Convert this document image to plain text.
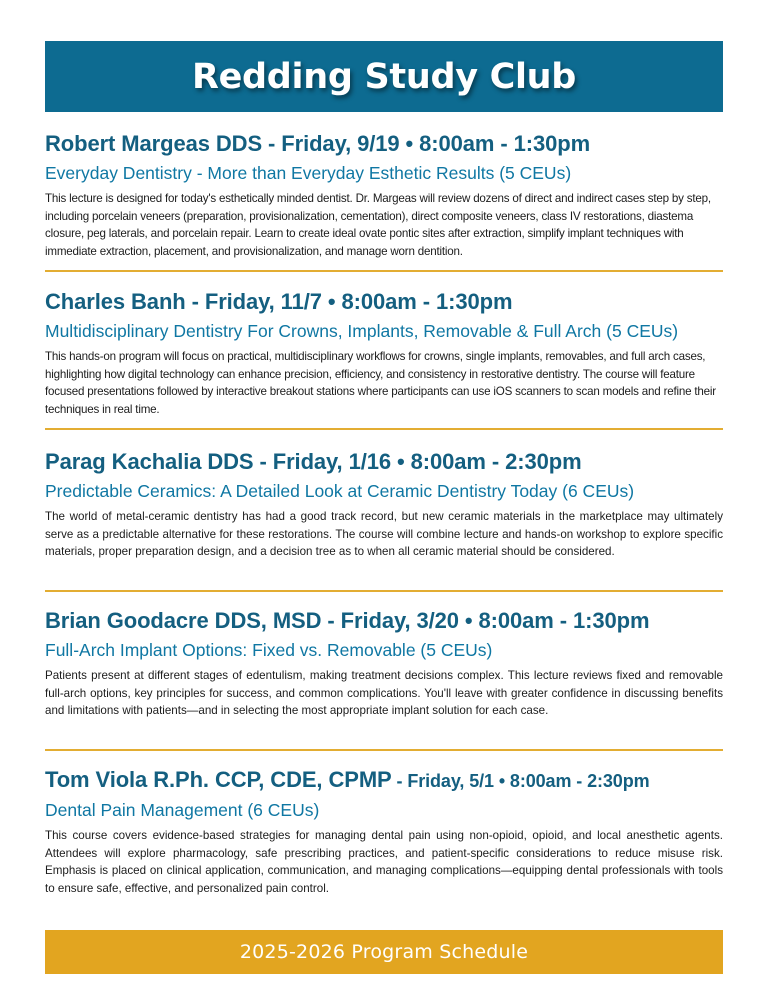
Redding Study Club

Robert Margeas DDS - Friday, 9/19 • 8:00am - 1:30pm

Everyday Dentistry - More than Everyday Esthetic Results (5 CEUs)

This lecture is designed for today's esthetically minded dentist. Dr. Margeas will review dozens of direct and indirect cases step by step, including porcelain veneers (preparation, provisionalization, cementation), direct composite veneers, class IV restorations, diastema closure, peg laterals, and porcelain repair. Learn to create ideal ovate pontic sites after extraction, simplify implant techniques with immediate extraction, placement, and provisionalization, and manage worn dentition.

Charles Banh - Friday, 11/7 • 8:00am - 1:30pm

Multidisciplinary Dentistry For Crowns, Implants, Removable & Full Arch (5 CEUs)

This hands-on program will focus on practical, multidisciplinary workflows for crowns, single implants, removables, and full arch cases, highlighting how digital technology can enhance precision, efficiency, and consistency in restorative dentistry. The course will feature focused presentations followed by interactive breakout stations where participants can use iOS scanners to scan models and refine their techniques in real time.

Parag Kachalia DDS - Friday, 1/16 • 8:00am - 2:30pm

Predictable Ceramics: A Detailed Look at Ceramic Dentistry Today (6 CEUs)

The world of metal-ceramic dentistry has had a good track record, but new ceramic materials in the marketplace may ultimately serve as a predictable alternative for these restorations. The course will combine lecture and hands-on workshop to explore specific materials, proper preparation design, and a decision tree as to when all ceramic material should be considered.

Brian Goodacre DDS, MSD - Friday, 3/20 • 8:00am - 1:30pm

Full-Arch Implant Options: Fixed vs. Removable (5 CEUs)

Patients present at different stages of edentulism, making treatment decisions complex. This lecture reviews fixed and removable full-arch options, key principles for success, and common complications. You'll leave with greater confidence in discussing benefits and limitations with patients—and in selecting the most appropriate implant solution for each case.

Tom Viola R.Ph. CCP, CDE, CPMP - Friday, 5/1 • 8:00am - 2:30pm

Dental Pain Management (6 CEUs)

This course covers evidence-based strategies for managing dental pain using non-opioid, opioid, and local anesthetic agents. Attendees will explore pharmacology, safe prescribing practices, and patient-specific considerations to reduce misuse risk. Emphasis is placed on clinical application, communication, and managing complications—equipping dental professionals with tools to ensure safe, effective, and personalized pain control.

2025-2026 Program Schedule
